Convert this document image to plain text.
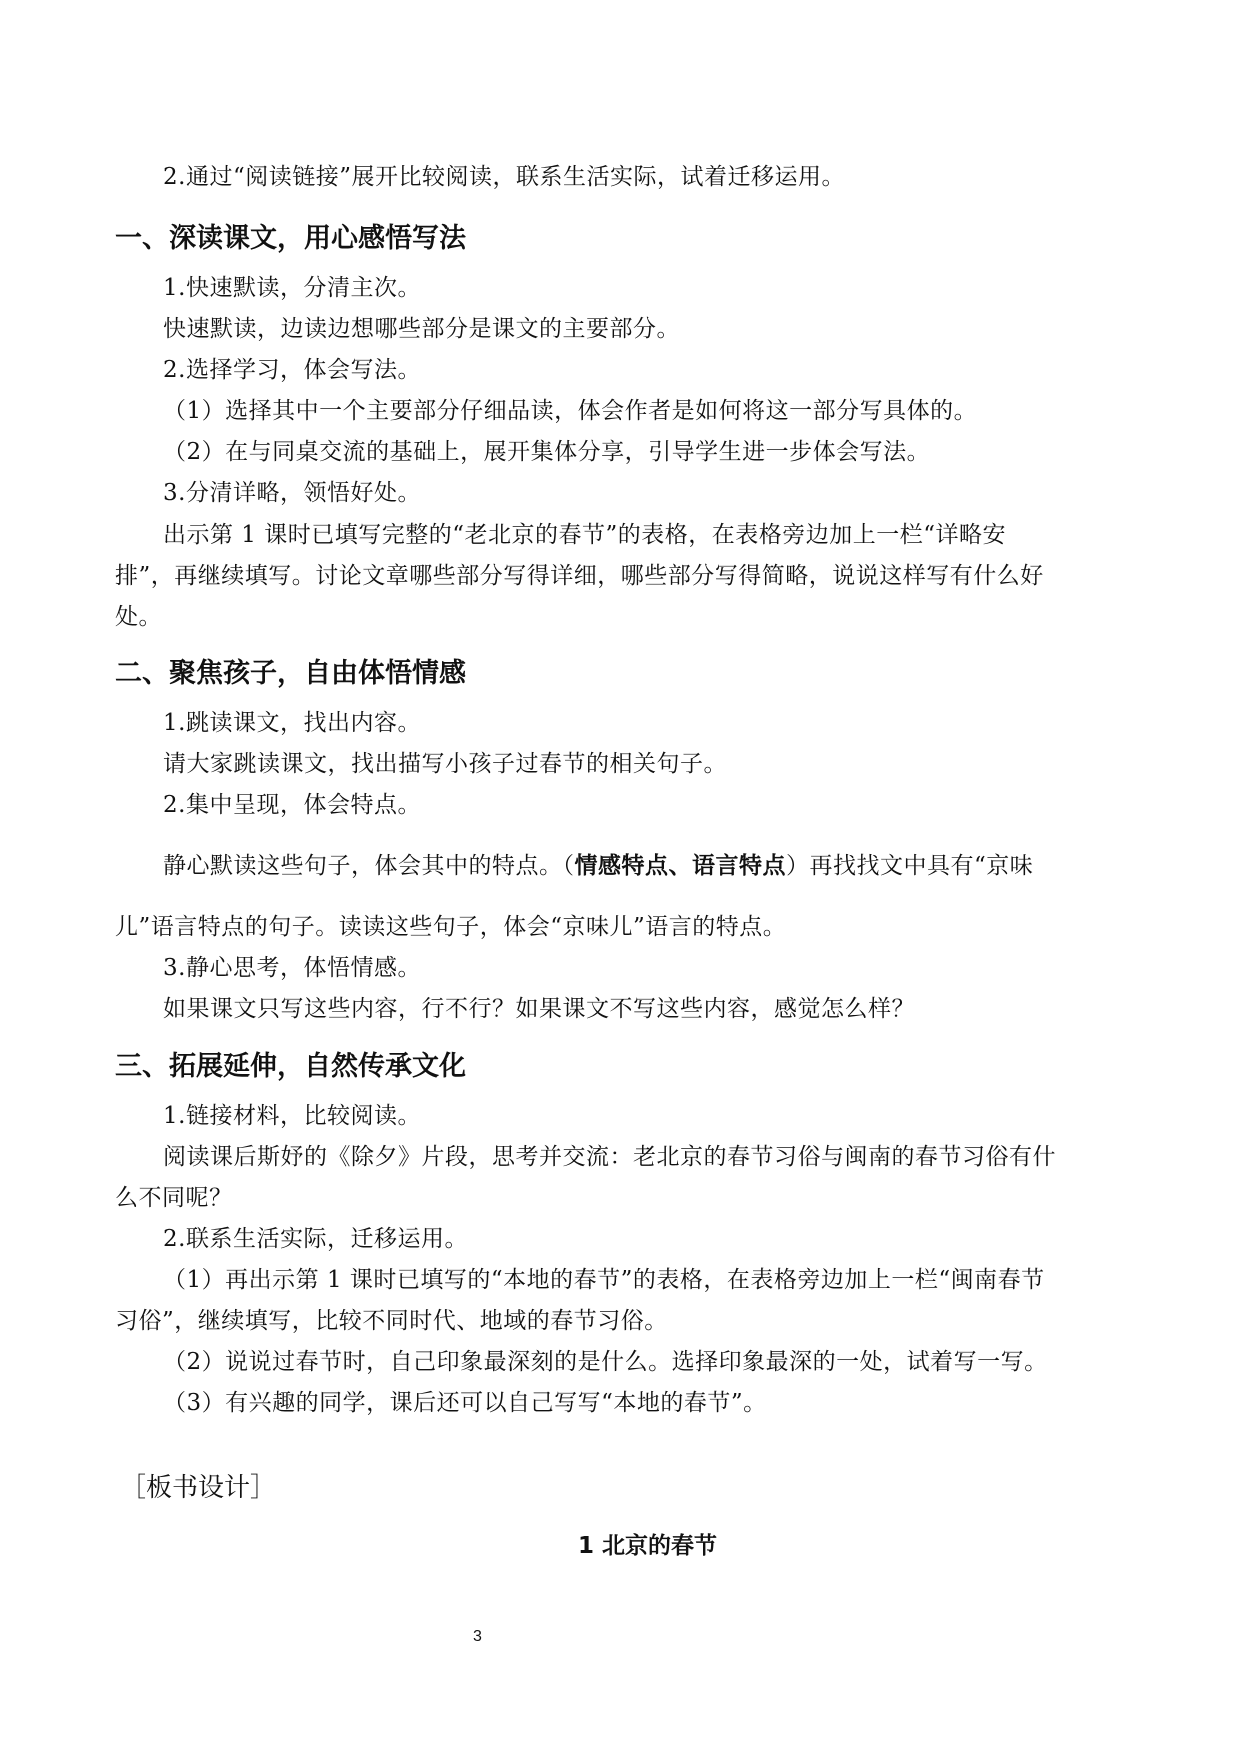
2.通过“阅读链接”展开比较阅读，联系生活实际，试着迁移运用。
一、深读课文，用心感悟写法
1.快速默读，分清主次。
快速默读，边读边想哪些部分是课文的主要部分。
2.选择学习，体会写法。
（1）选择其中一个主要部分仔细品读，体会作者是如何将这一部分写具体的。
（2）在与同桌交流的基础上，展开集体分享，引导学生进一步体会写法。
3.分清详略，领悟好处。
出示第 1 课时已填写完整的“老北京的春节”的表格，在表格旁边加上一栏“详略安
排”，再继续填写。讨论文章哪些部分写得详细，哪些部分写得简略，说说这样写有什么好
处。
二、聚焦孩子，自由体悟情感
1.跳读课文，找出内容。
请大家跳读课文，找出描写小孩子过春节的相关句子。
2.集中呈现，体会特点。
静心默读这些句子，体会其中的特点。（情感特点、语言特点）再找找文中具有“京味
儿”语言特点的句子。读读这些句子，体会“京味儿”语言的特点。
3.静心思考，体悟情感。
如果课文只写这些内容，行不行？如果课文不写这些内容，感觉怎么样？
三、拓展延伸，自然传承文化
1.链接材料，比较阅读。
阅读课后斯妤的《除夕》片段，思考并交流：老北京的春节习俗与闽南的春节习俗有什
么不同呢？
2.联系生活实际，迁移运用。
（1）再出示第 1 课时已填写的“本地的春节”的表格，在表格旁边加上一栏“闽南春节
习俗”，继续填写，比较不同时代、地域的春节习俗。
（2）说说过春节时，自己印象最深刻的是什么。选择印象最深的一处，试着写一写。
（3）有兴趣的同学，课后还可以自己写写“本地的春节”。
［板书设计］
1 北京的春节
3
